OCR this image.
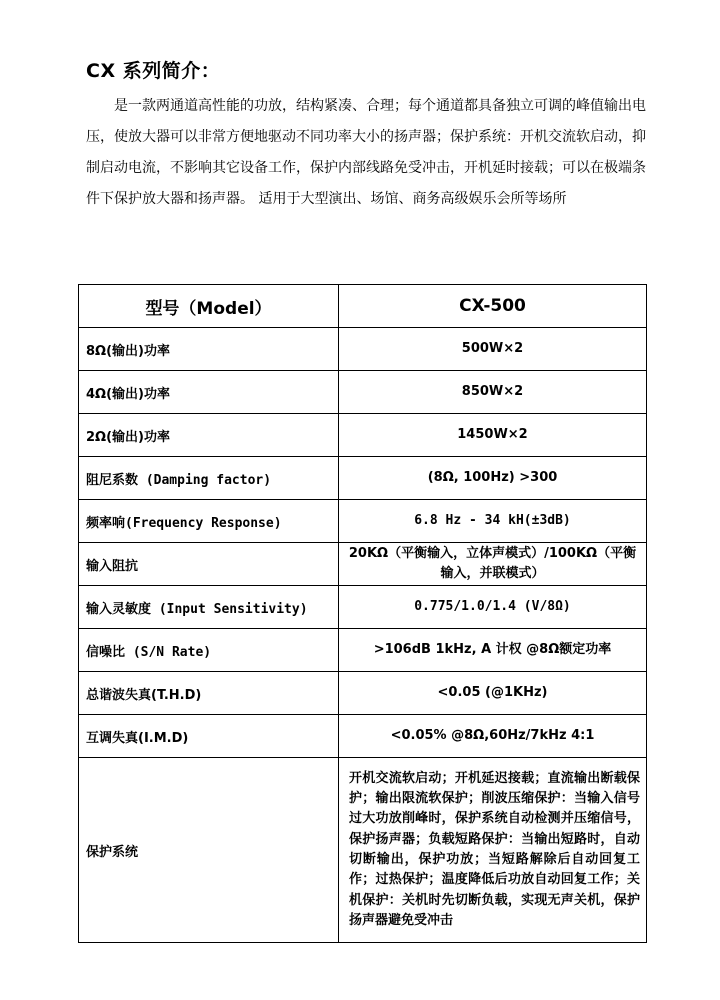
CX 系列简介：

是一款两通道高性能的功放，结构紧凑、合理；每个通道都具备独立可调的峰值输出电压，使放大器可以非常方便地驱动不同功率大小的扬声器；保护系统：开机交流软启动，抑制启动电流，不影响其它设备工作，保护内部线路免受冲击，开机延时接载；可以在极端条件下保护放大器和扬声器。 适用于大型演出、场馆、商务高级娱乐会所等场所

型号（Model）	CX-500
8Ω(输出)功率	500W×2
4Ω(输出)功率	850W×2
2Ω(输出)功率	1450W×2
阻尼系数 (Damping factor)	(8Ω, 100Hz) >300
频率响(Frequency Response)	6.8 Hz - 34 kH(±3dB)
输入阻抗	20KΩ（平衡输入，立体声模式）/100KΩ（平衡输入，并联模式）
输入灵敏度 (Input Sensitivity)	0.775/1.0/1.4 (V/8Ω)
信噪比 (S/N Rate)	>106dB 1kHz, A 计权 @8Ω额定功率
总谐波失真(T.H.D)	<0.05 (@1KHz)
互调失真(I.M.D)	<0.05% @8Ω,60Hz/7kHz 4:1
保护系统	开机交流软启动；开机延迟接载；直流输出断载保护；输出限流软保护；削波压缩保护：当输入信号过大功放削峰时，保护系统自动检测并压缩信号，保护扬声器；负载短路保护：当输出短路时，自动切断输出，保护功放；当短路解除后自动回复工作；过热保护；温度降低后功放自动回复工作；关机保护：关机时先切断负载，实现无声关机，保护扬声器避免受冲击
